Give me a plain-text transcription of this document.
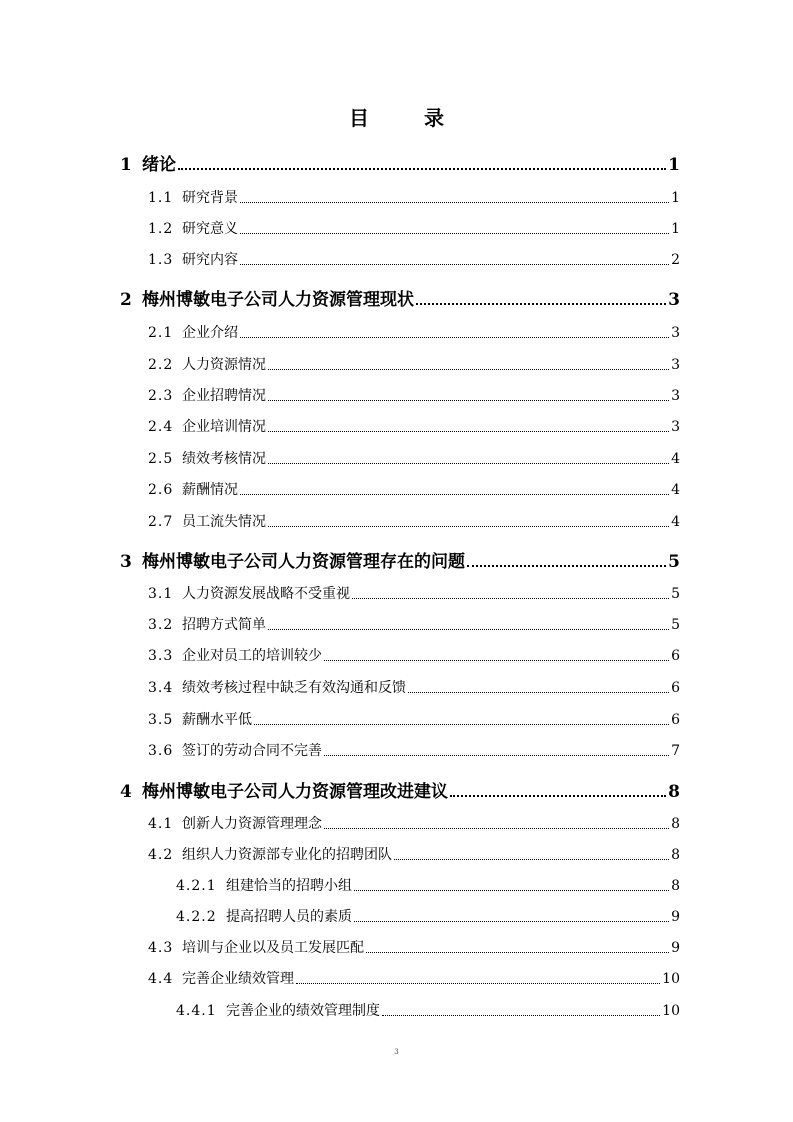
目 录
1 绪论	1
1.1 研究背景	1
1.2 研究意义	1
1.3 研究内容	2
2 梅州博敏电子公司人力资源管理现状	3
2.1 企业介绍	3
2.2 人力资源情况	3
2.3 企业招聘情况	3
2.4 企业培训情况	3
2.5 绩效考核情况	4
2.6 薪酬情况	4
2.7 员工流失情况	4
3 梅州博敏电子公司人力资源管理存在的问题	5
3.1 人力资源发展战略不受重视	5
3.2 招聘方式简单	5
3.3 企业对员工的培训较少	6
3.4 绩效考核过程中缺乏有效沟通和反馈	6
3.5 薪酬水平低	6
3.6 签订的劳动合同不完善	7
4 梅州博敏电子公司人力资源管理改进建议	8
4.1 创新人力资源管理理念	8
4.2 组织人力资源部专业化的招聘团队	8
4.2.1 组建恰当的招聘小组	8
4.2.2 提高招聘人员的素质	9
4.3 培训与企业以及员工发展匹配	9
4.4 完善企业绩效管理	10
4.4.1 完善企业的绩效管理制度	10
3
